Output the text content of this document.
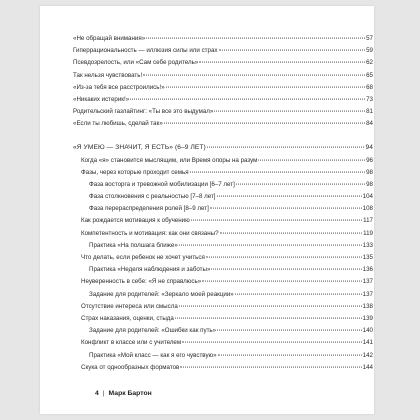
«Не обращай внимания»	57
Гиперрациональность — иллюзия силы или страх	59
Псевдозрелость, или «Сам себе родитель»	62
Так нельзя чувствовать!	65
«Из-за тебя все расстроились!»	68
«Никаких истерик!»	73
Родительский газлайтинг: «Ты все это выдумал»	81
«Если ты любишь, сделай так»	84
«Я УМЕЮ — ЗНАЧИТ, Я ЕСТЬ» (6–9 ЛЕТ)	94
Когда «я» становится мыслящим, или Время опоры на разум	96
Фазы, через которые проходит семья	98
Фаза восторга и тревожной мобилизации [6–7 лет]	98
Фаза столкновения с реальностью [7–8 лет]	104
Фаза перераспределения ролей [8–9 лет]	108
Как рождается мотивация к обучению	117
Компетентность и мотивация: как они связаны?	119
Практика «На полшага ближе»	133
Что делать, если ребенок не хочет учиться	135
Практика «Неделя наблюдения и заботы»	136
Неуверенность в себе: «Я не справлюсь»	137
Задание для родителей: «Зеркало моей реакции»	137
Отсутствие интереса или смысла	138
Страх наказания, оценки, стыда	139
Задание для родителей: «Ошибки как путь»	140
Конфликт в классе или с учителем	141
Практика «Мой класс — как я его чувствую»	142
Скука от однообразных форматов	144
4 | Марк Бартон
